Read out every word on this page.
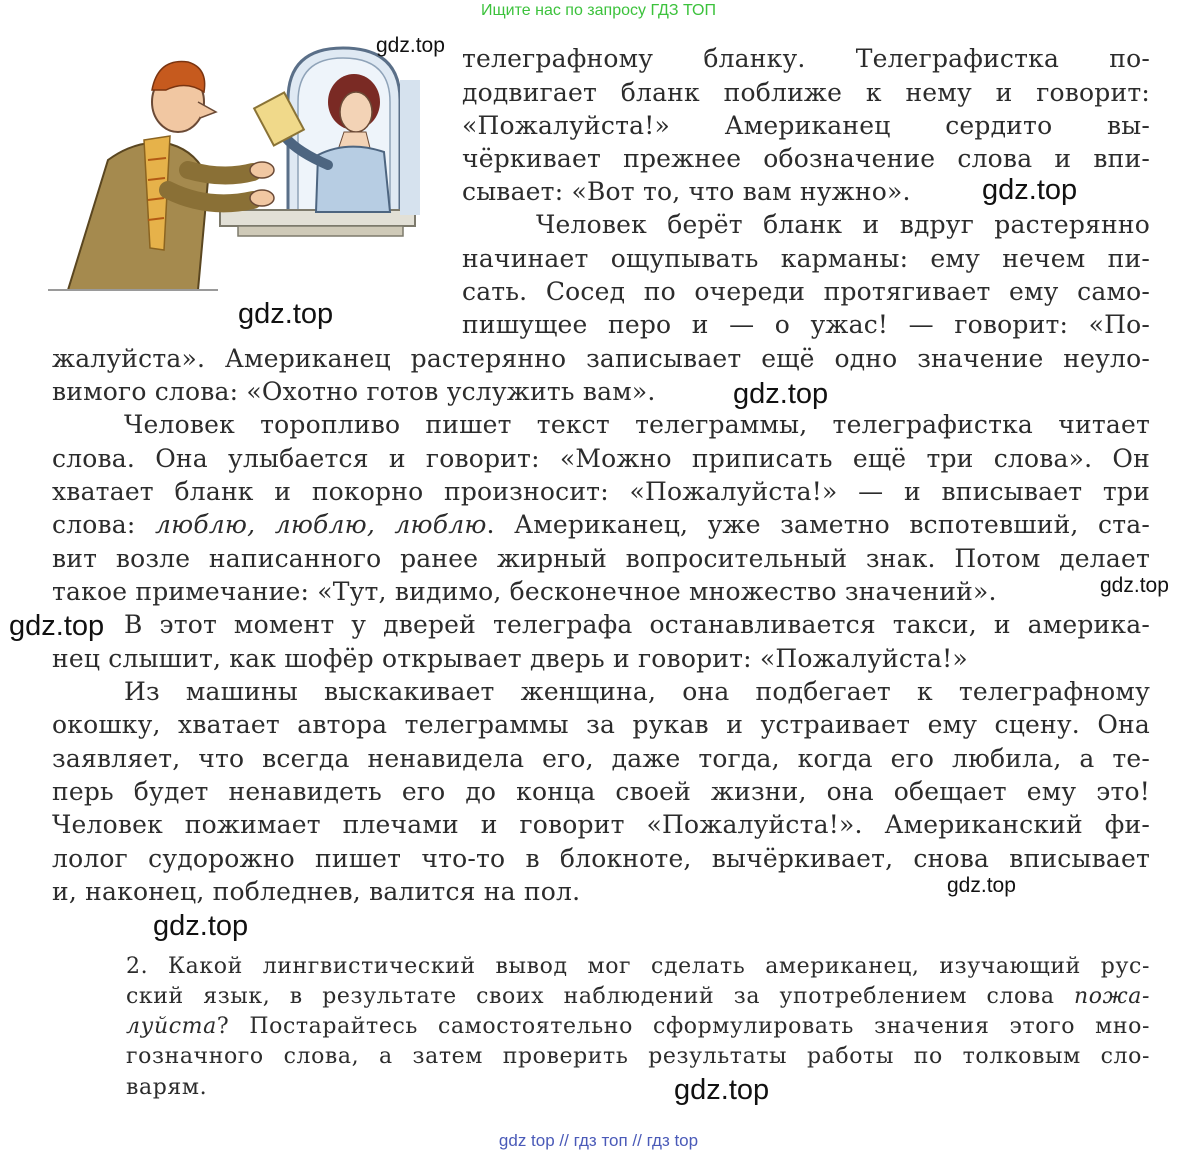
Ищите нас по запросу ГДЗ ТОП
gdz.top
gdz.top
gdz.top
gdz.top
gdz.top
gdz.top
gdz.top
gdz.top
gdz.top
телеграфному бланку. Телеграфистка по-
додвигает бланк поближе к нему и говорит:
«Пожалуйста!» Американец сердито вы-
чёркивает прежнее обозначение слова и впи-
сывает: «Вот то, что вам нужно».
Человек берёт бланк и вдруг растерянно
начинает ощупывать карманы: ему нечем пи-
сать. Сосед по очереди протягивает ему само-
пишущее перо и — о ужас! — говорит: «По-
жалуйста». Американец растерянно записывает ещё одно значение неуло-
вимого слова: «Охотно готов услужить вам».
Человек торопливо пишет текст телеграммы, телеграфистка читает
слова. Она улыбается и говорит: «Можно приписать ещё три слова». Он
хватает бланк и покорно произносит: «Пожалуйста!» — и вписывает три
слова: люблю, люблю, люблю. Американец, уже заметно вспотевший, ста-
вит возле написанного ранее жирный вопросительный знак. Потом делает
такое примечание: «Тут, видимо, бесконечное множество значений».
В этот момент у дверей телеграфа останавливается такси, и америка-
нец слышит, как шофёр открывает дверь и говорит: «Пожалуйста!»
Из машины выскакивает женщина, она подбегает к телеграфному
окошку, хватает автора телеграммы за рукав и устраивает ему сцену. Она
заявляет, что всегда ненавидела его, даже тогда, когда его любила, а те-
перь будет ненавидеть его до конца своей жизни, она обещает ему это!
Человек пожимает плечами и говорит «Пожалуйста!». Американский фи-
лолог судорожно пишет что-то в блокноте, вычёркивает, снова вписывает
и, наконец, побледнев, валится на пол.
2. Какой лингвистический вывод мог сделать американец, изучающий рус-
ский язык, в результате своих наблюдений за употреблением слова пожа-
луйста? Постарайтесь самостоятельно сформулировать значения этого мно-
гозначного слова, а затем проверить результаты работы по толковым сло-
варям.
gdz top // гдз топ // гдз top
